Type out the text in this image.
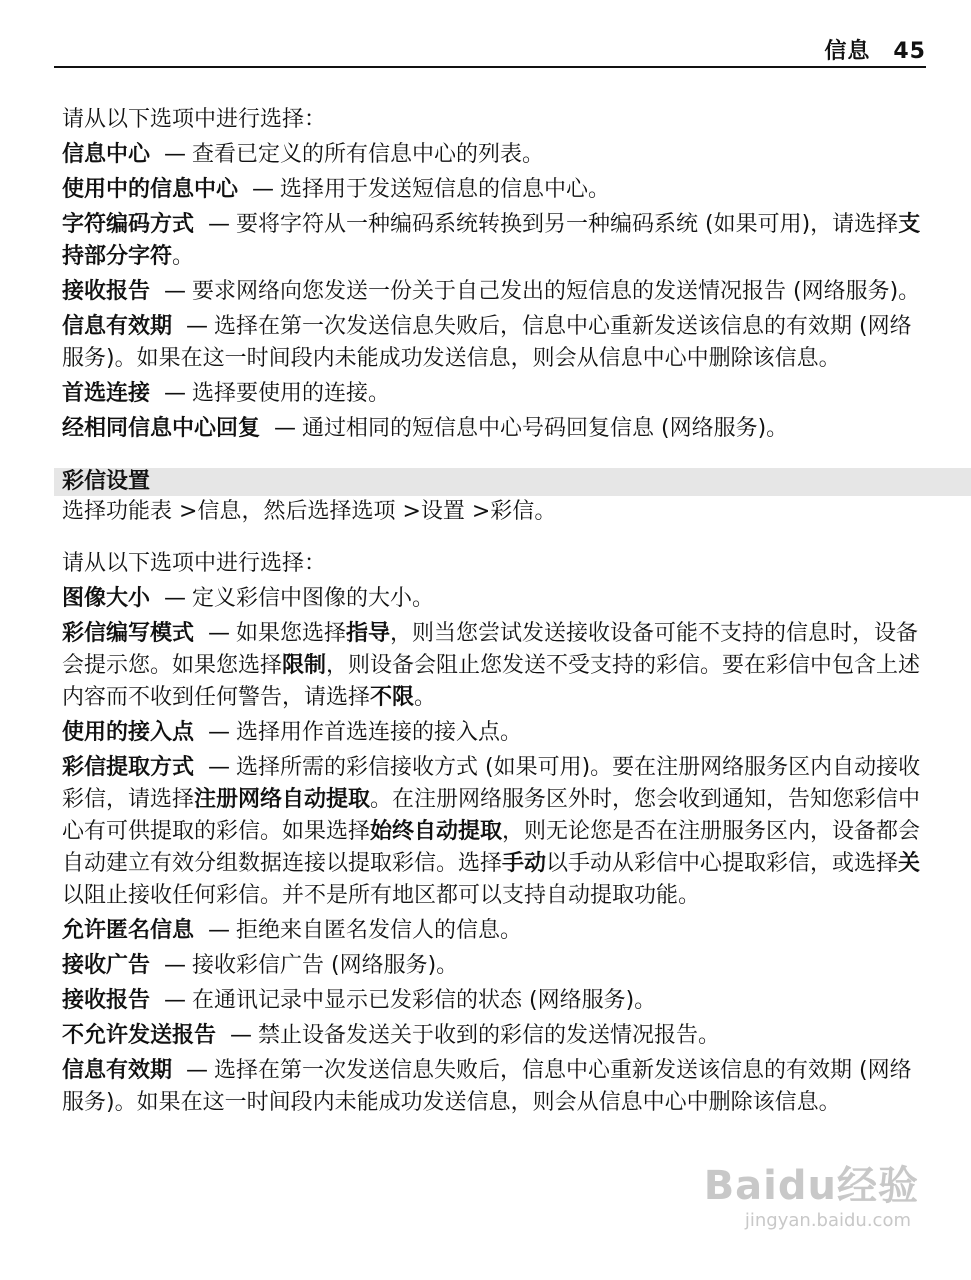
信息　45
请从以下选项中进行选择：
信息中心 — 查看已定义的所有信息中心的列表。
使用中的信息中心 — 选择用于发送短信息的信息中心。
字符编码方式 — 要将字符从一种编码系统转换到另一种编码系统 (如果可用)，请选择支持部分字符。
接收报告 — 要求网络向您发送一份关于自己发出的短信息的发送情况报告 (网络服务)。
信息有效期 — 选择在第一次发送信息失败后，信息中心重新发送该信息的有效期 (网络服务)。如果在这一时间段内未能成功发送信息，则会从信息中心中删除该信息。
首选连接 — 选择要使用的连接。
经相同信息中心回复 — 通过相同的短信息中心号码回复信息 (网络服务)。
彩信设置
选择功能表 >信息，然后选择选项 >设置 >彩信。
请从以下选项中进行选择：
图像大小 — 定义彩信中图像的大小。
彩信编写模式 — 如果您选择指导，则当您尝试发送接收设备可能不支持的信息时，设备会提示您。如果您选择限制，则设备会阻止您发送不受支持的彩信。要在彩信中包含上述内容而不收到任何警告，请选择不限。
使用的接入点 — 选择用作首选连接的接入点。
彩信提取方式 — 选择所需的彩信接收方式 (如果可用)。要在注册网络服务区内自动接收彩信，请选择注册网络自动提取。在注册网络服务区外时，您会收到通知，告知您彩信中心有可供提取的彩信。如果选择始终自动提取，则无论您是否在注册服务区内，设备都会自动建立有效分组数据连接以提取彩信。选择手动以手动从彩信中心提取彩信，或选择关以阻止接收任何彩信。并不是所有地区都可以支持自动提取功能。
允许匿名信息 — 拒绝来自匿名发信人的信息。
接收广告 — 接收彩信广告 (网络服务)。
接收报告 — 在通讯记录中显示已发彩信的状态 (网络服务)。
不允许发送报告 — 禁止设备发送关于收到的彩信的发送情况报告。
信息有效期 — 选择在第一次发送信息失败后，信息中心重新发送该信息的有效期 (网络服务)。如果在这一时间段内未能成功发送信息，则会从信息中心中删除该信息。
Baidu经验
jingyan.baidu.com
